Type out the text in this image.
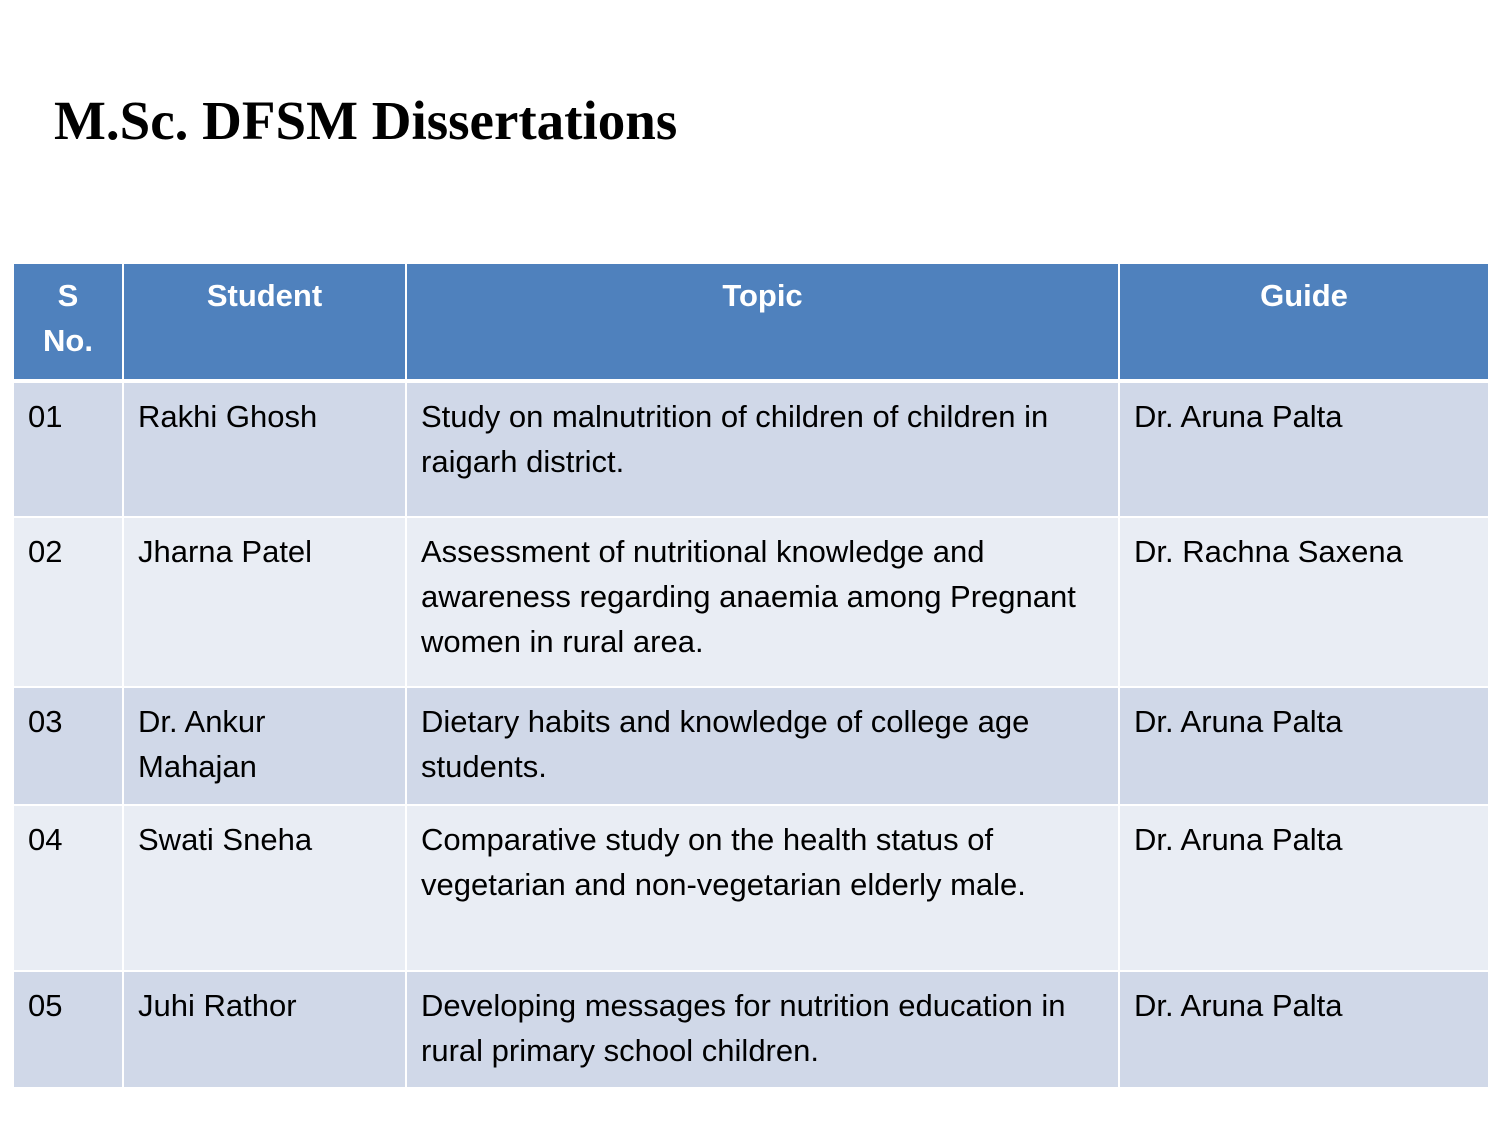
M.Sc. DFSM Dissertations
S
No.	Student	Topic	Guide
01	Rakhi Ghosh	Study on malnutrition of children of children in raigarh district.	Dr. Aruna Palta
02	Jharna Patel	Assessment of nutritional knowledge and awareness regarding anaemia among Pregnant women in rural area.	Dr. Rachna Saxena
03	Dr. Ankur Mahajan	Dietary habits and knowledge of college age students.	Dr. Aruna Palta
04	Swati Sneha	Comparative study on the health status of vegetarian and non-vegetarian elderly male.	Dr. Aruna Palta
05	Juhi Rathor	Developing messages for nutrition education in rural primary school children.	Dr. Aruna Palta
